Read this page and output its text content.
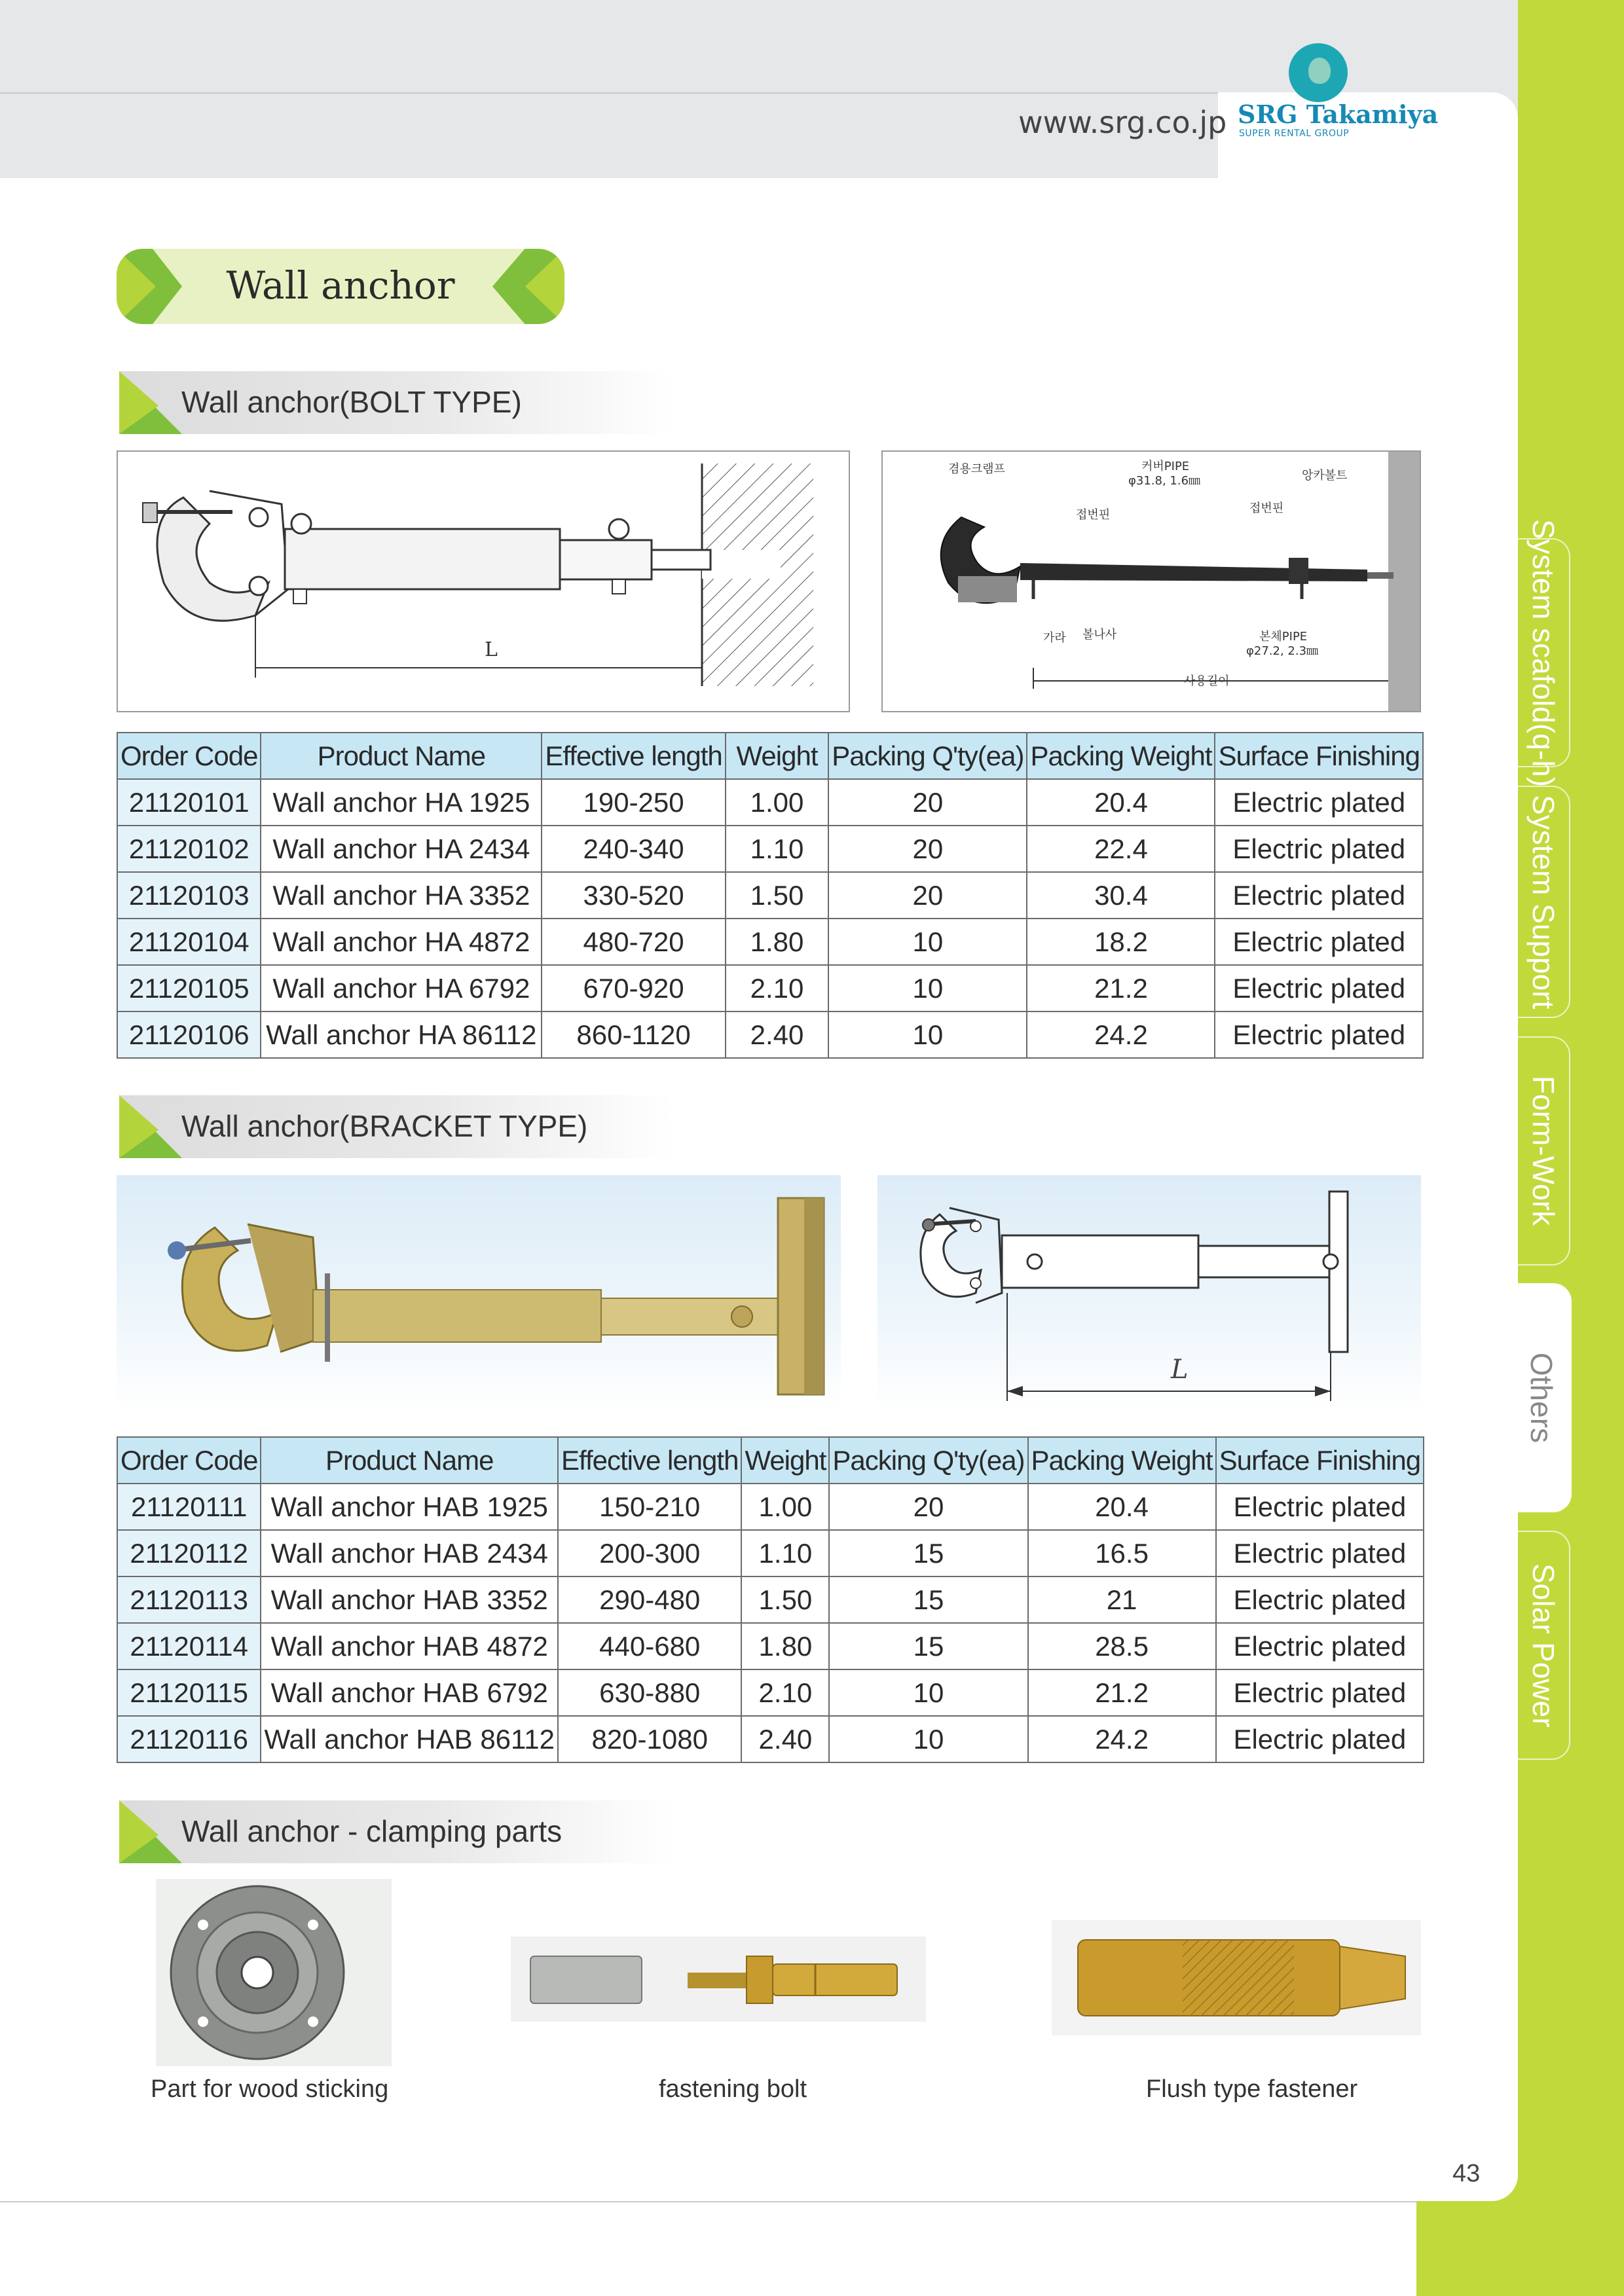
www.srg.co.jp SRG Takamiya
SUPER RENTAL GROUP
System scafold(q-h)
System Support
Form-Work
Others
Solar Power
Wall anchor
Wall anchor(BOLT TYPE)
L
겸용크램프	커버PIPE
φ31.8, 1.6㎜	앙카볼트
접번핀	접번핀
가라 볼나사	본체PIPE
φ27.2, 2.3㎜
사용길이
Order Code	Product Name	Effective length	Weight	Packing Q'ty(ea)	Packing Weight	Surface Finishing
21120101	Wall anchor HA 1925	190-250	1.00	20	20.4	Electric plated
21120102	Wall anchor HA 2434	240-340	1.10	20	22.4	Electric plated
21120103	Wall anchor HA 3352	330-520	1.50	20	30.4	Electric plated
21120104	Wall anchor HA 4872	480-720	1.80	10	18.2	Electric plated
21120105	Wall anchor HA 6792	670-920	2.10	10	21.2	Electric plated
21120106	Wall anchor HA 86112	860-1120	2.40	10	24.2	Electric plated
Wall anchor(BRACKET TYPE)
L
Order Code	Product Name	Effective length	Weight	Packing Q'ty(ea)	Packing Weight	Surface Finishing
21120111	Wall anchor HAB 1925	150-210	1.00	20	20.4	Electric plated
21120112	Wall anchor HAB 2434	200-300	1.10	15	16.5	Electric plated
21120113	Wall anchor HAB 3352	290-480	1.50	15	21	Electric plated
21120114	Wall anchor HAB 4872	440-680	1.80	15	28.5	Electric plated
21120115	Wall anchor HAB 6792	630-880	2.10	10	21.2	Electric plated
21120116	Wall anchor HAB 86112	820-1080	2.40	10	24.2	Electric plated
Wall anchor - clamping parts
Part for wood sticking	fastening bolt	Flush type fastener
43
